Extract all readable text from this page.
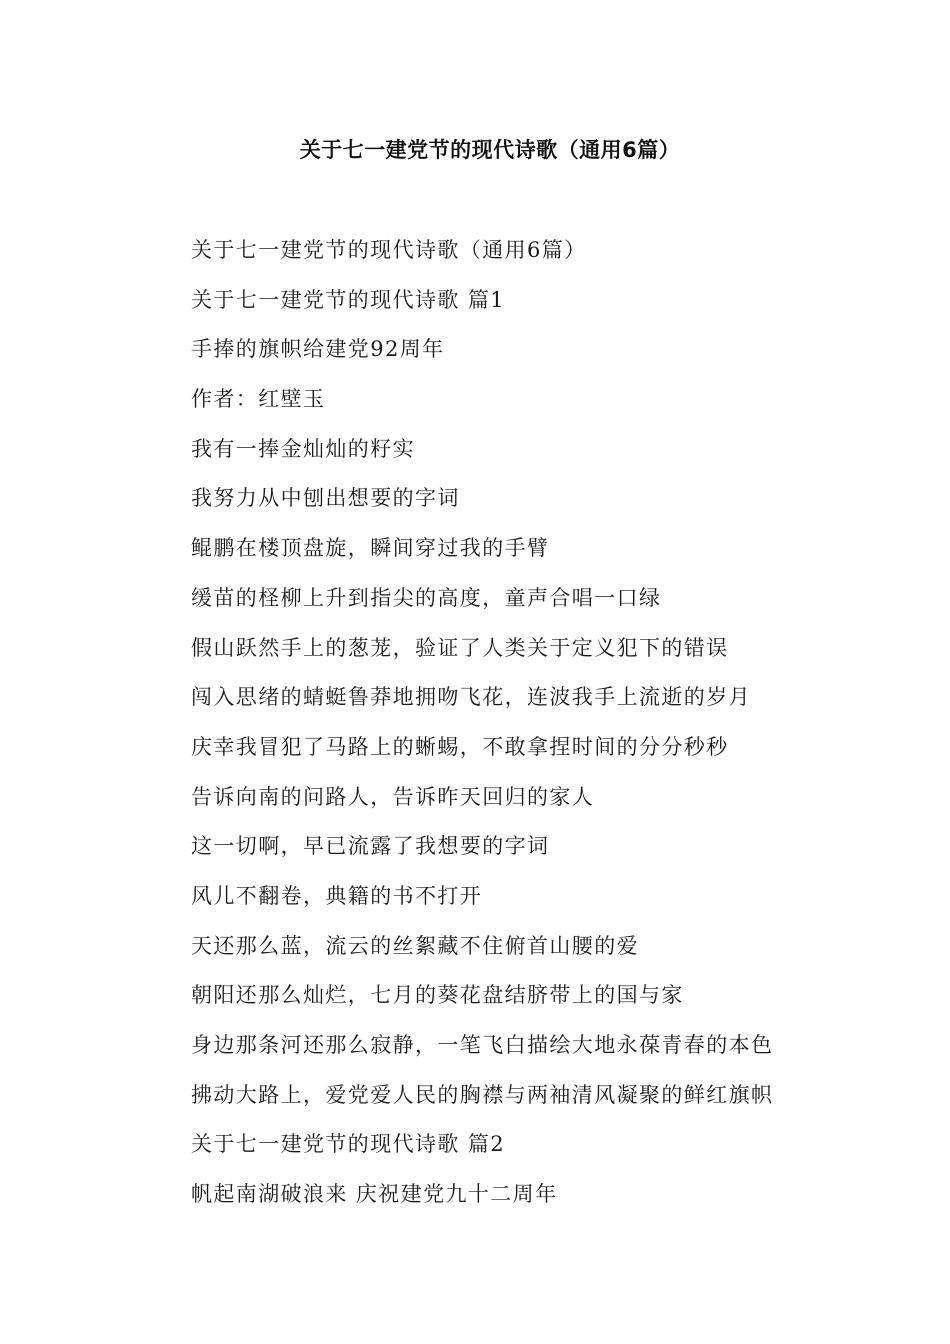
关于七一建党节的现代诗歌（通用6篇）
关于七一建党节的现代诗歌（通用6篇）
关于七一建党节的现代诗歌 篇1
手捧的旗帜给建党92周年
作者：红壁玉
我有一捧金灿灿的籽实
我努力从中刨出想要的字词
鲲鹏在楼顶盘旋，瞬间穿过我的手臂
缓苗的柽柳上升到指尖的高度，童声合唱一口绿
假山跃然手上的葱茏，验证了人类关于定义犯下的错误
闯入思绪的蜻蜓鲁莽地拥吻飞花，连波我手上流逝的岁月
庆幸我冒犯了马路上的蜥蜴，不敢拿捏时间的分分秒秒
告诉向南的问路人，告诉昨天回归的家人
这一切啊，早已流露了我想要的字词
风儿不翻卷，典籍的书不打开
天还那么蓝，流云的丝絮藏不住俯首山腰的爱
朝阳还那么灿烂，七月的葵花盘结脐带上的国与家
身边那条河还那么寂静，一笔飞白描绘大地永葆青春的本色
拂动大路上，爱党爱人民的胸襟与两袖清风凝聚的鲜红旗帜
关于七一建党节的现代诗歌 篇2
帆起南湖破浪来 庆祝建党九十二周年
